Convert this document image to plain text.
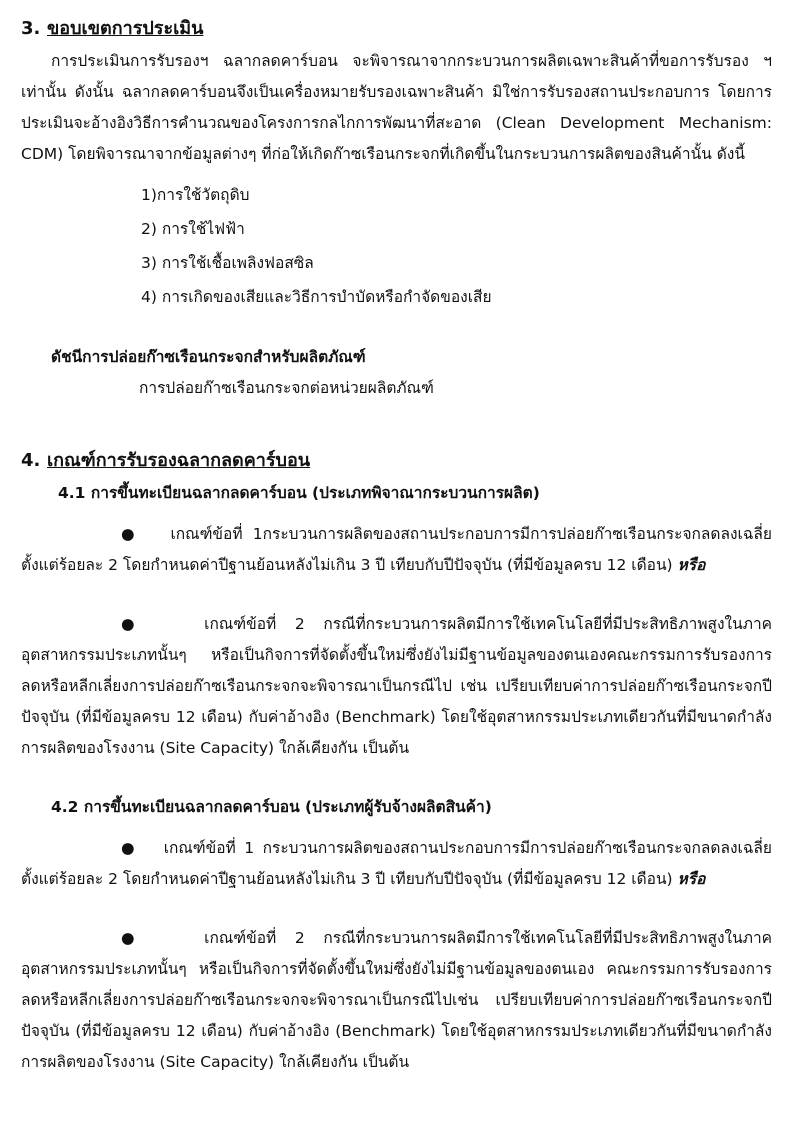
3. ขอบเขตการประเมิน

การประเมินการรับรองฯ ฉลากลดคาร์บอน จะพิจารณาจากกระบวนการผลิตเฉพาะสินค้าที่ขอการรับรอง ฯ เท่านั้น ดังนั้น ฉลากลดคาร์บอนจึงเป็นเครื่องหมายรับรองเฉพาะสินค้า มิใช่การรับรองสถานประกอบการ โดยการประเมินจะอ้างอิงวิธีการคำนวณของโครงการกลไกการพัฒนาที่สะอาด (Clean Development Mechanism: CDM) โดยพิจารณาจากข้อมูลต่างๆ ที่ก่อให้เกิดก๊าซเรือนกระจกที่เกิดขึ้นในกระบวนการผลิตของสินค้านั้น ดังนี้

1)การใช้วัตถุดิบ
2) การใช้ไฟฟ้า
3) การใช้เชื้อเพลิงฟอสซิล
4) การเกิดของเสียและวิธีการบำบัดหรือกำจัดของเสีย
ดัชนีการปล่อยก๊าซเรือนกระจกสำหรับผลิตภัณฑ์
การปล่อยก๊าซเรือนกระจกต่อหน่วยผลิตภัณฑ์
4. เกณฑ์การรับรองฉลากลดคาร์บอน
4.1 การขึ้นทะเบียนฉลากลดคาร์บอน (ประเภทพิจาณากระบวนการผลิต)

● เกณฑ์ข้อที่ 1กระบวนการผลิตของสถานประกอบการมีการปล่อยก๊าซเรือนกระจกลดลงเฉลี่ยตั้งแต่ร้อยละ 2 โดยกำหนดค่าปีฐานย้อนหลังไม่เกิน 3 ปี เทียบกับปีปัจจุบัน (ที่มีข้อมูลครบ 12 เดือน) หรือ

●	เกณฑ์ข้อที่ 2 กรณีที่กระบวนการผลิตมีการใช้เทคโนโลยีที่มีประสิทธิภาพสูงในภาคอุตสาหกรรมประเภทนั้นๆ หรือเป็นกิจการที่จัดตั้งขึ้นใหม่ซึ่งยังไม่มีฐานข้อมูลของตนเองคณะกรรมการรับรองการลดหรือหลีกเลี่ยงการปล่อยก๊าซเรือนกระจกจะพิจารณาเป็นกรณีไป เช่น เปรียบเทียบค่าการปล่อยก๊าซเรือนกระจกปีปัจจุบัน (ที่มีข้อมูลครบ 12 เดือน) กับค่าอ้างอิง (Benchmark) โดยใช้อุตสาหกรรมประเภทเดียวกันที่มีขนาดกำลังการผลิตของโรงงาน (Site Capacity) ใกล้เคียงกัน เป็นต้น

4.2 การขึ้นทะเบียนฉลากลดคาร์บอน (ประเภทผู้รับจ้างผลิตสินค้า)

● เกณฑ์ข้อที่ 1 กระบวนการผลิตของสถานประกอบการมีการปล่อยก๊าซเรือนกระจกลดลงเฉลี่ยตั้งแต่ร้อยละ 2 โดยกำหนดค่าปีฐานย้อนหลังไม่เกิน 3 ปี เทียบกับปีปัจจุบัน (ที่มีข้อมูลครบ 12 เดือน) หรือ

●	เกณฑ์ข้อที่ 2 กรณีที่กระบวนการผลิตมีการใช้เทคโนโลยีที่มีประสิทธิภาพสูงในภาคอุตสาหกรรมประเภทนั้นๆ หรือเป็นกิจการที่จัดตั้งขึ้นใหม่ซึ่งยังไม่มีฐานข้อมูลของตนเอง คณะกรรมการรับรองการลดหรือหลีกเลี่ยงการปล่อยก๊าซเรือนกระจกจะพิจารณาเป็นกรณีไปเช่น เปรียบเทียบค่าการปล่อยก๊าซเรือนกระจกปีปัจจุบัน (ที่มีข้อมูลครบ 12 เดือน) กับค่าอ้างอิง (Benchmark) โดยใช้อุตสาหกรรมประเภทเดียวกันที่มีขนาดกำลังการผลิตของโรงงาน (Site Capacity) ใกล้เคียงกัน เป็นต้น
